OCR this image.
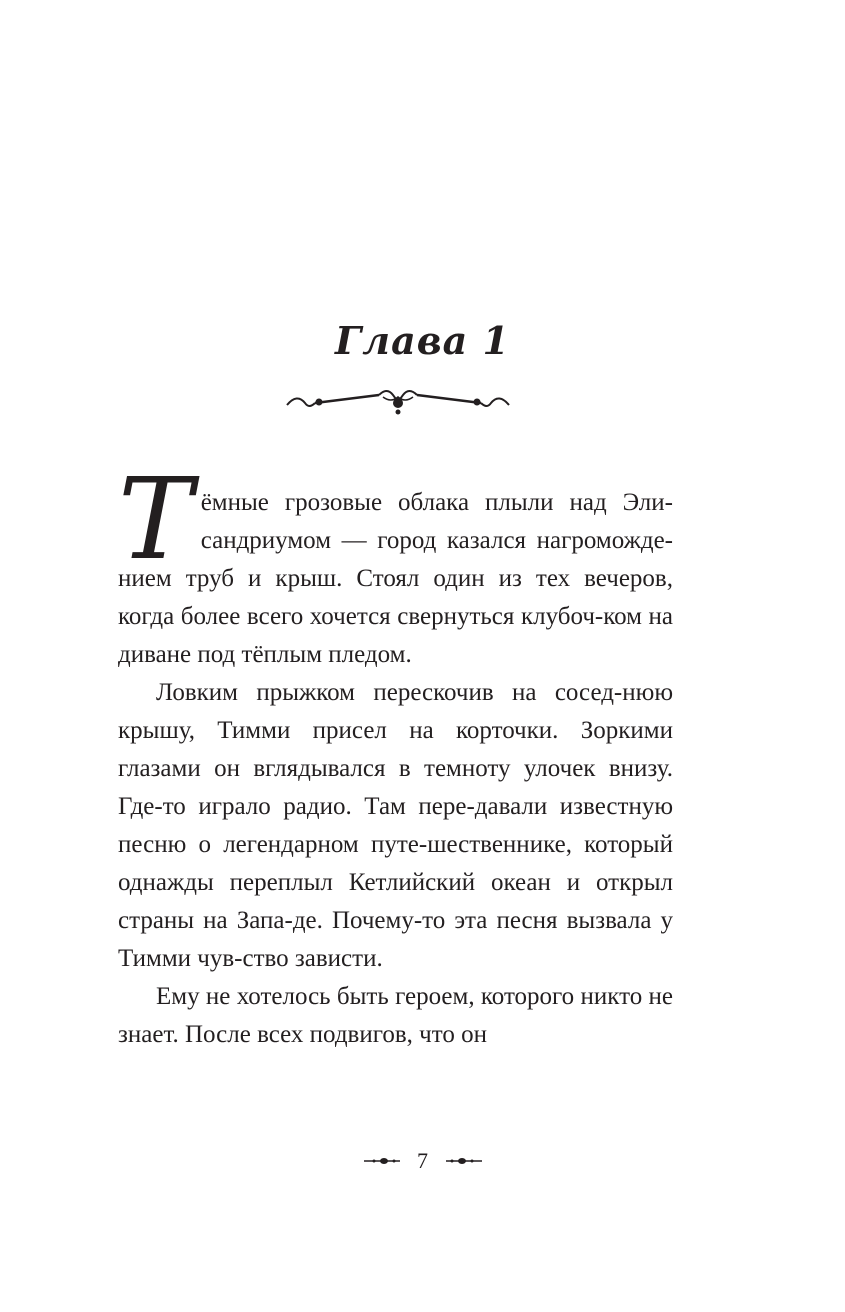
Глава 1

Т ёмные грозовые облака плыли над Эли- сандриумом — город казался нагроможде- нием труб и крыш. Стоял один из тех вечеров, когда более всего хочется свернуться клубоч- ком на диване под тёплым пледом.

Ловким прыжком перескочив на сосед- нюю крышу, Тимми присел на корточки. Зоркими глазами он вглядывался в темноту улочек внизу. Где-то играло радио. Там пере- давали известную песню о легендарном путе- шественнике, который однажды переплыл Кетлийский океан и открыл страны на Запа- де. Почему-то эта песня вызвала у Тимми чув- ство зависти.

Ему не хотелось быть героем, которого никто не знает. После всех подвигов, что он

7
